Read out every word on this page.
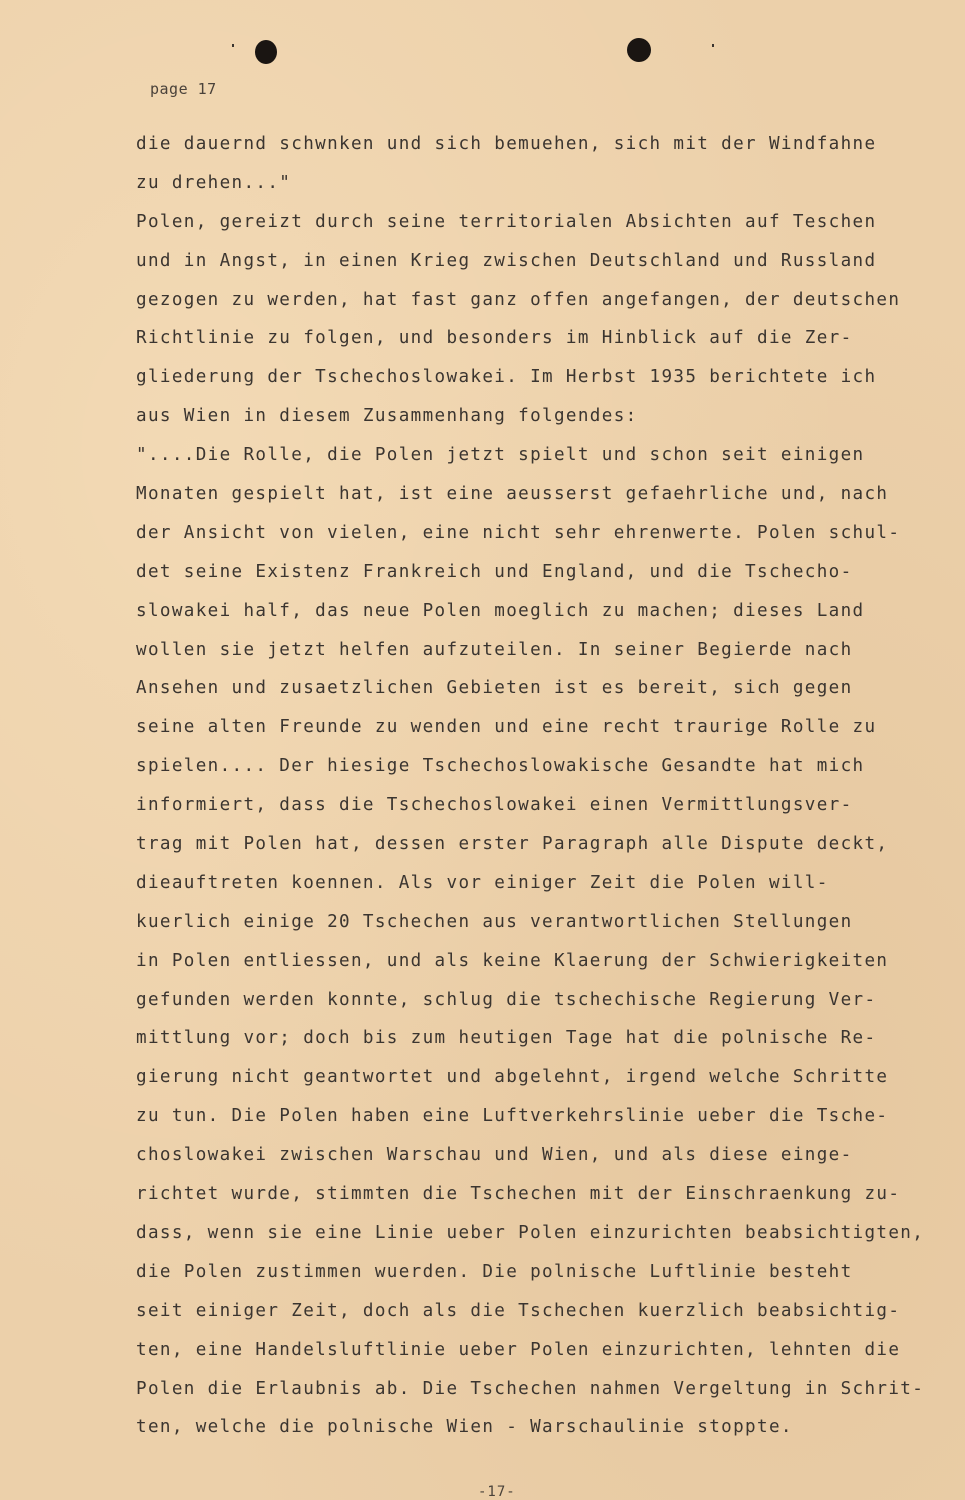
page 17
die dauernd schwnken und sich bemuehen, sich mit der Windfahne
zu drehen..."
Polen, gereizt durch seine territorialen Absichten auf Teschen
und in Angst, in einen Krieg zwischen Deutschland und Russland
gezogen zu werden, hat fast ganz offen angefangen, der deutschen
Richtlinie zu folgen, und besonders im Hinblick auf die Zer-
gliederung der Tschechoslowakei. Im Herbst 1935 berichtete ich
aus Wien in diesem Zusammenhang folgendes:
"....Die Rolle, die Polen jetzt spielt und schon seit einigen
Monaten gespielt hat, ist eine aeusserst gefaehrliche und, nach
der Ansicht von vielen, eine nicht sehr ehrenwerte. Polen schul-
det seine Existenz Frankreich und England, und die Tschecho-
slowakei half, das neue Polen moeglich zu machen; dieses Land
wollen sie jetzt helfen aufzuteilen. In seiner Begierde nach
Ansehen und zusaetzlichen Gebieten ist es bereit, sich gegen
seine alten Freunde zu wenden und eine recht traurige Rolle zu
spielen.... Der hiesige Tschechoslowakische Gesandte hat mich
informiert, dass die Tschechoslowakei einen Vermittlungsver-
trag mit Polen hat, dessen erster Paragraph alle Dispute deckt,
dieauftreten koennen. Als vor einiger Zeit die Polen will-
kuerlich einige 20 Tschechen aus verantwortlichen Stellungen
in Polen entliessen, und als keine Klaerung der Schwierigkeiten
gefunden werden konnte, schlug die tschechische Regierung Ver-
mittlung vor; doch bis zum heutigen Tage hat die polnische Re-
gierung nicht geantwortet und abgelehnt, irgend welche Schritte
zu tun. Die Polen haben eine Luftverkehrslinie ueber die Tsche-
choslowakei zwischen Warschau und Wien, und als diese einge-
richtet wurde, stimmten die Tschechen mit der Einschraenkung zu-
dass, wenn sie eine Linie ueber Polen einzurichten beabsichtigten,
die Polen zustimmen wuerden. Die polnische Luftlinie besteht
seit einiger Zeit, doch als die Tschechen kuerzlich beabsichtig-
ten, eine Handelsluftlinie ueber Polen einzurichten, lehnten die
Polen die Erlaubnis ab. Die Tschechen nahmen Vergeltung in Schrit-
ten, welche die polnische Wien - Warschaulinie stoppte.
-17-
